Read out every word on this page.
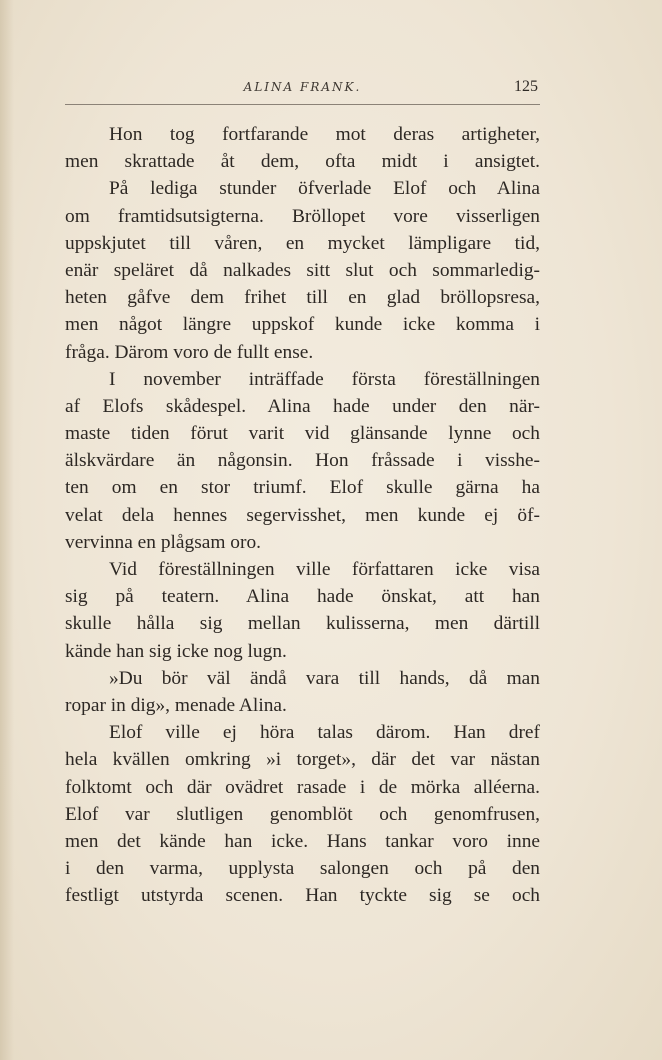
ALINA FRANK.	125
Hon tog fortfarande mot deras artigheter,
men skrattade åt dem, ofta midt i ansigtet.
På lediga stunder öfverlade Elof och Alina
om framtidsutsigterna. Bröllopet vore visserligen
uppskjutet till våren, en mycket lämpligare tid,
enär speläret då nalkades sitt slut och sommarledig-
heten gåfve dem frihet till en glad bröllopsresa,
men något längre uppskof kunde icke komma i
fråga. Därom voro de fullt ense.
I november inträffade första föreställningen
af Elofs skådespel. Alina hade under den när-
maste tiden förut varit vid glänsande lynne och
älskvärdare än någonsin. Hon fråssade i visshe-
ten om en stor triumf. Elof skulle gärna ha
velat dela hennes segervisshet, men kunde ej öf-
vervinna en plågsam oro.
Vid föreställningen ville författaren icke visa
sig på teatern. Alina hade önskat, att han
skulle hålla sig mellan kulisserna, men därtill
kände han sig icke nog lugn.
»Du bör väl ändå vara till hands, då man
ropar in dig», menade Alina.
Elof ville ej höra talas därom. Han dref
hela kvällen omkring »i torget», där det var nästan
folktomt och där ovädret rasade i de mörka alléerna.
Elof var slutligen genomblöt och genomfrusen,
men det kände han icke. Hans tankar voro inne
i den varma, upplysta salongen och på den
festligt utstyrda scenen. Han tyckte sig se och
